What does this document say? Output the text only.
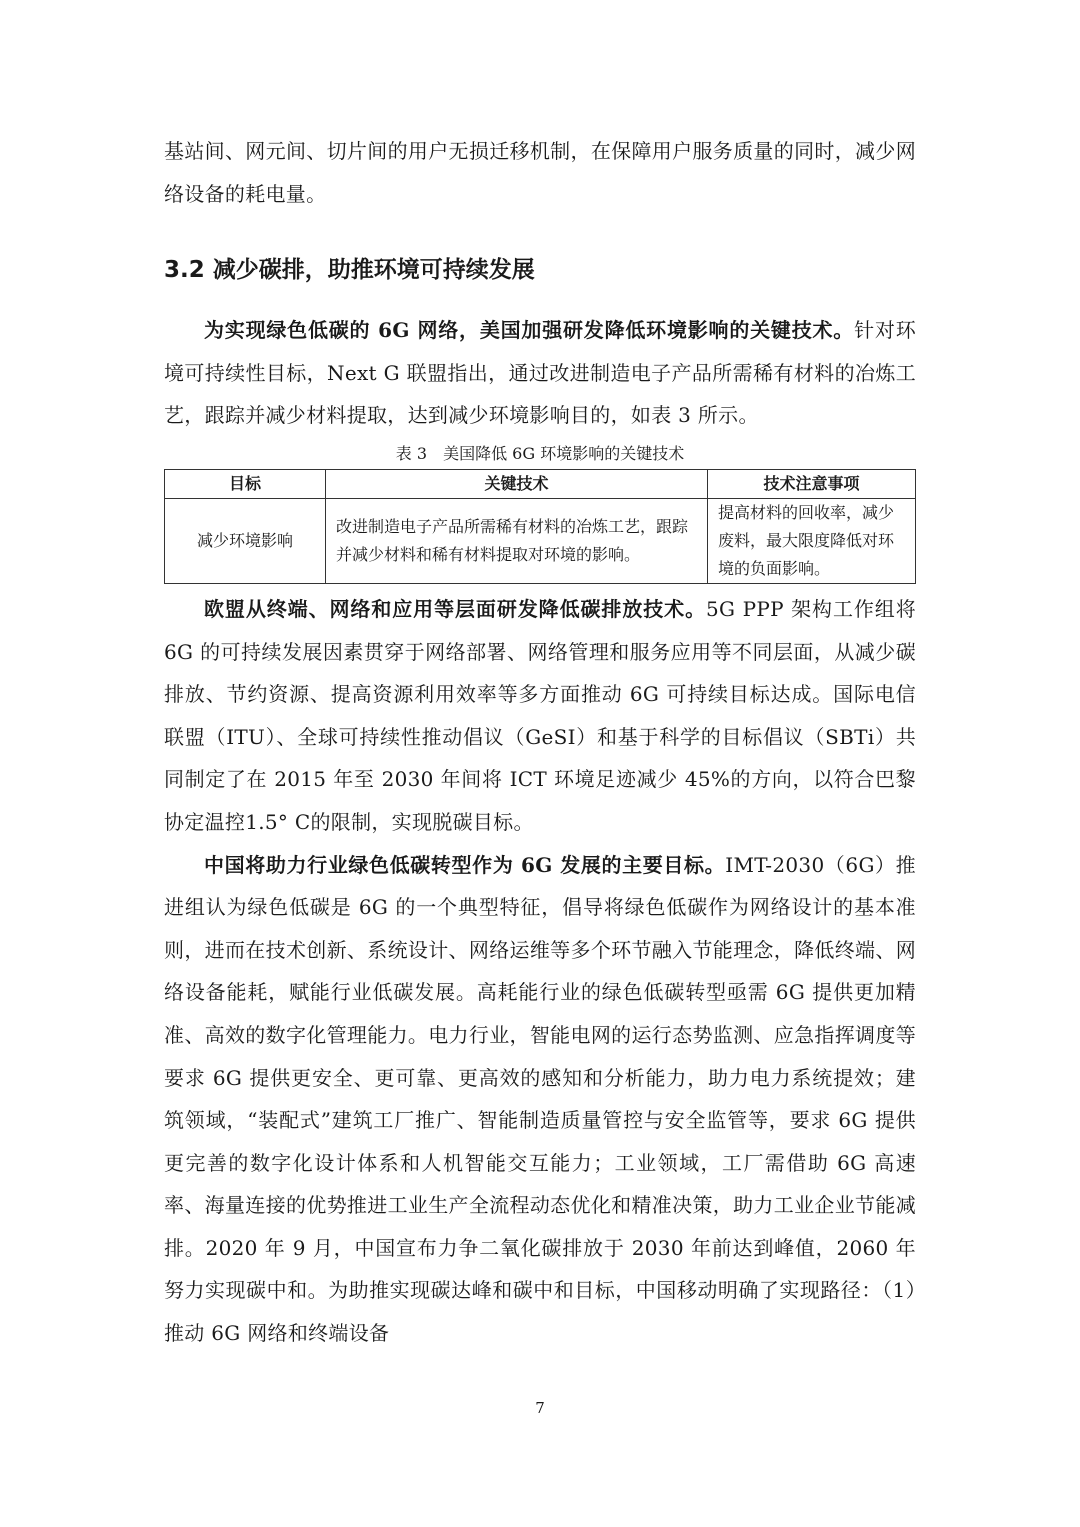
基站间、网元间、切片间的用户无损迁移机制，在保障用户服务质量的同时，减少网络设备的耗电量。

3.2 减少碳排，助推环境可持续发展

为实现绿色低碳的 6G 网络，美国加强研发降低环境影响的关键技术。针对环境可持续性目标，Next G 联盟指出，通过改进制造电子产品所需稀有材料的冶炼工艺，跟踪并减少材料提取，达到减少环境影响目的，如表 3 所示。

表 3　美国降低 6G 环境影响的关键技术
目标	关键技术	技术注意事项
减少环境影响	改进制造电子产品所需稀有材料的冶炼工艺，跟踪并减少材料和稀有材料提取对环境的影响。	提高材料的回收率，减少废料，最大限度降低对环境的负面影响。

欧盟从终端、网络和应用等层面研发降低碳排放技术。5G PPP 架构工作组将 6G 的可持续发展因素贯穿于网络部署、网络管理和服务应用等不同层面，从减少碳排放、节约资源、提高资源利用效率等多方面推动 6G 可持续目标达成。国际电信联盟（ITU）、全球可持续性推动倡议（GeSI）和基于科学的目标倡议（SBTi）共同制定了在 2015 年至 2030 年间将 ICT 环境足迹减少 45%的方向，以符合巴黎协定温控1.5° C的限制，实现脱碳目标。

中国将助力行业绿色低碳转型作为 6G 发展的主要目标。IMT-2030（6G）推进组认为绿色低碳是 6G 的一个典型特征，倡导将绿色低碳作为网络设计的基本准则，进而在技术创新、系统设计、网络运维等多个环节融入节能理念，降低终端、网络设备能耗，赋能行业低碳发展。高耗能行业的绿色低碳转型亟需 6G 提供更加精准、高效的数字化管理能力。电力行业，智能电网的运行态势监测、应急指挥调度等要求 6G 提供更安全、更可靠、更高效的感知和分析能力，助力电力系统提效；建筑领域，“装配式”建筑工厂推广、智能制造质量管控与安全监管等，要求 6G 提供更完善的数字化设计体系和人机智能交互能力；工业领域，工厂需借助 6G 高速率、海量连接的优势推进工业生产全流程动态优化和精准决策，助力工业企业节能减排。2020 年 9 月，中国宣布力争二氧化碳排放于 2030 年前达到峰值，2060 年努力实现碳中和。为助推实现碳达峰和碳中和目标，中国移动明确了实现路径：（1）推动 6G 网络和终端设备

7
